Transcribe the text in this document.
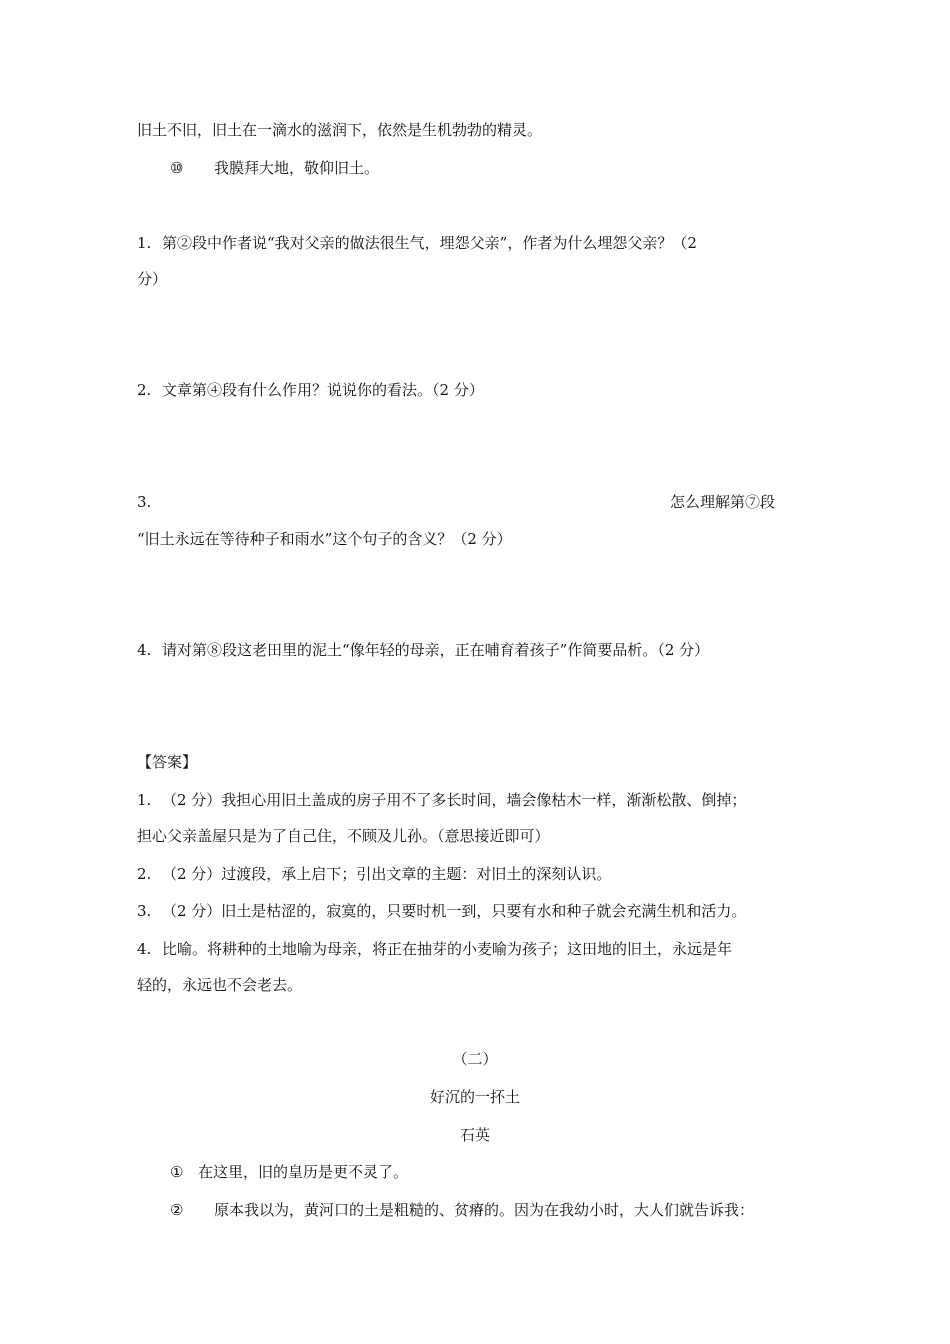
旧土不旧，旧土在一滴水的滋润下，依然是生机勃勃的精灵。
⑩ 我膜拜大地，敬仰旧土。
1. 第②段中作者说“我对父亲的做法很生气，埋怨父亲”，作者为什么埋怨父亲？（2
分）
2. 文章第④段有什么作用？说说你的看法。（2 分）
3.	怎么理解第⑦段
“旧土永远在等待种子和雨水”这个句子的含义？（2 分）
4. 请对第⑧段这老田里的泥土“像年轻的母亲，正在哺育着孩子”作简要品析。（2 分）
【答案】
1. （2 分）我担心用旧土盖成的房子用不了多长时间，墙会像枯木一样，渐渐松散、倒掉；
担心父亲盖屋只是为了自己住，不顾及儿孙。（意思接近即可）
2. （2 分）过渡段，承上启下；引出文章的主题：对旧土的深刻认识。
3. （2 分）旧土是枯涩的，寂寞的，只要时机一到，只要有水和种子就会充满生机和活力。
4. 比喻。将耕种的土地喻为母亲，将正在抽芽的小麦喻为孩子；这田地的旧土，永远是年
轻的，永远也不会老去。
（二）
好沉的一抔土
石英
① 在这里，旧的皇历是更不灵了。
② 原本我以为，黄河口的土是粗糙的、贫瘠的。因为在我幼小时，大人们就告诉我：
